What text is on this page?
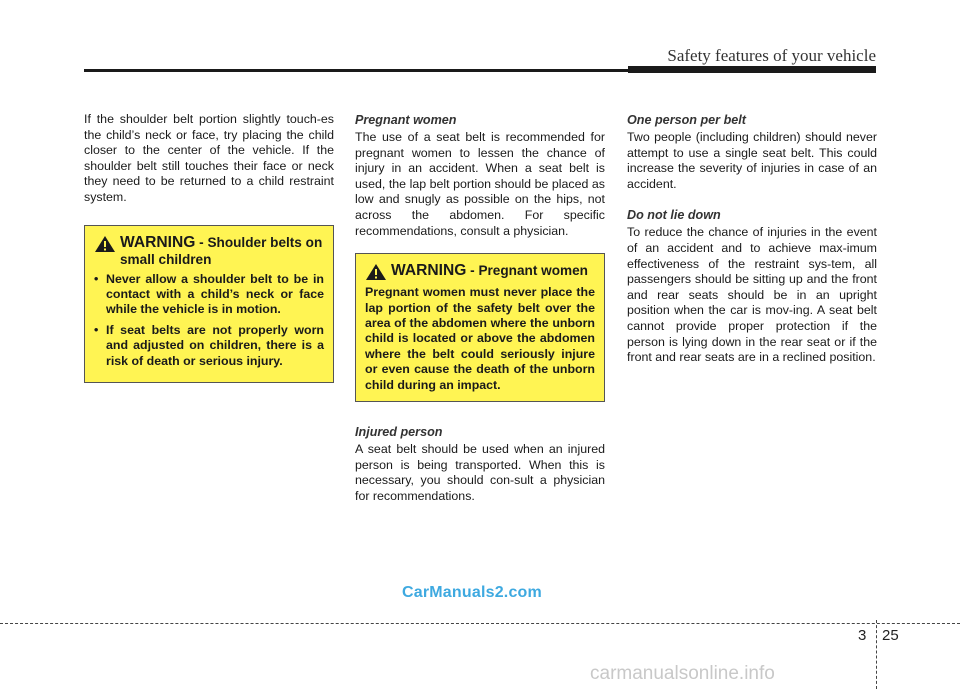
Safety features of your vehicle

If the shoulder belt portion slightly touch-es the child’s neck or face, try placing the child closer to the center of the vehicle. If the shoulder belt still touches their face or neck they need to be returned to a child restraint system.

WARNING - Shoulder belts on small children
• Never allow a shoulder belt to be in contact with a child’s neck or face while the vehicle is in motion.
• If seat belts are not properly worn and adjusted on children, there is a risk of death or serious injury.
Pregnant women

The use of a seat belt is recommended for pregnant women to lessen the chance of injury in an accident. When a seat belt is used, the lap belt portion should be placed as low and snugly as possible on the hips, not across the abdomen. For specific recommendations, consult a physician.

WARNING - Pregnant women

Pregnant women must never place the lap portion of the safety belt over the area of the abdomen where the unborn child is located or above the abdomen where the belt could seriously injure or even cause the death of the unborn child during an impact.

Injured person

A seat belt should be used when an injured person is being transported. When this is necessary, you should con-sult a physician for recommendations.

One person per belt

Two people (including children) should never attempt to use a single seat belt. This could increase the severity of injuries in case of an accident.

Do not lie down

To reduce the chance of injuries in the event of an accident and to achieve max-imum effectiveness of the restraint sys-tem, all passengers should be sitting up and the front and rear seats should be in an upright position when the car is mov-ing. A seat belt cannot provide proper protection if the person is lying down in the rear seat or if the front and rear seats are in a reclined position.

CarManuals2.com
3 25
carmanualsonline.info
